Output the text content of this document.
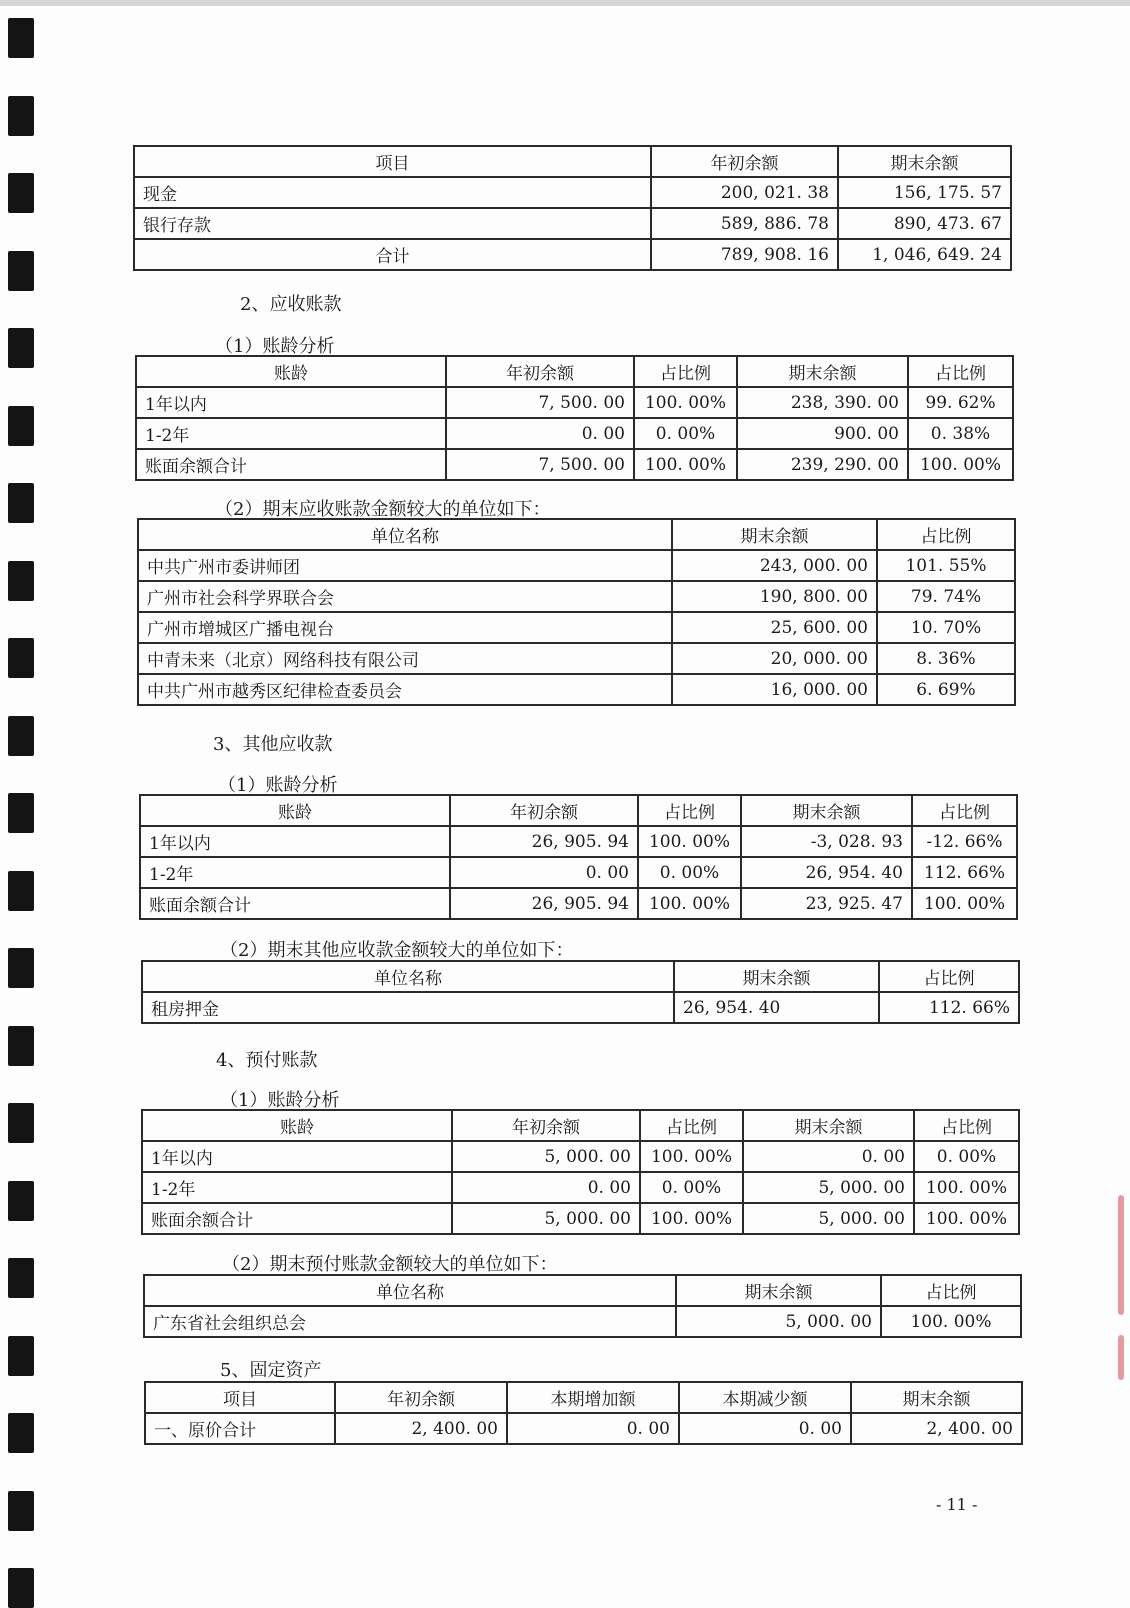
项目	年初余额	期末余额
现金	200, 021. 38	156, 175. 57
银行存款	589, 886. 78	890, 473. 67
合计	789, 908. 16	1, 046, 649. 24
2、应收账款
（1）账龄分析
账龄	年初余额	占比例	期末余额	占比例
1年以内	7, 500. 00	100. 00%	238, 390. 00	99. 62%
1-2年	0. 00	0. 00%	900. 00	0. 38%
账面余额合计	7, 500. 00	100. 00%	239, 290. 00	100. 00%
（2）期末应收账款金额较大的单位如下：
单位名称	期末余额	占比例
中共广州市委讲师团	243, 000. 00	101. 55%
广州市社会科学界联合会	190, 800. 00	79. 74%
广州市增城区广播电视台	25, 600. 00	10. 70%
中青未来（北京）网络科技有限公司	20, 000. 00	8. 36%
中共广州市越秀区纪律检查委员会	16, 000. 00	6. 69%
3、其他应收款
（1）账龄分析
账龄	年初余额	占比例	期末余额	占比例
1年以内	26, 905. 94	100. 00%	-3, 028. 93	-12. 66%
1-2年	0. 00	0. 00%	26, 954. 40	112. 66%
账面余额合计	26, 905. 94	100. 00%	23, 925. 47	100. 00%
（2）期末其他应收款金额较大的单位如下：
单位名称	期末余额	占比例
租房押金	26, 954. 40	112. 66%
4、预付账款
（1）账龄分析
账龄	年初余额	占比例	期末余额	占比例
1年以内	5, 000. 00	100. 00%	0. 00	0. 00%
1-2年	0. 00	0. 00%	5, 000. 00	100. 00%
账面余额合计	5, 000. 00	100. 00%	5, 000. 00	100. 00%
（2）期末预付账款金额较大的单位如下：
单位名称	期末余额	占比例
广东省社会组织总会	5, 000. 00	100. 00%
5、固定资产
项目	年初余额	本期增加额	本期减少额	期末余额
一、原价合计	2, 400. 00	0. 00	0. 00	2, 400. 00
- 11 -
